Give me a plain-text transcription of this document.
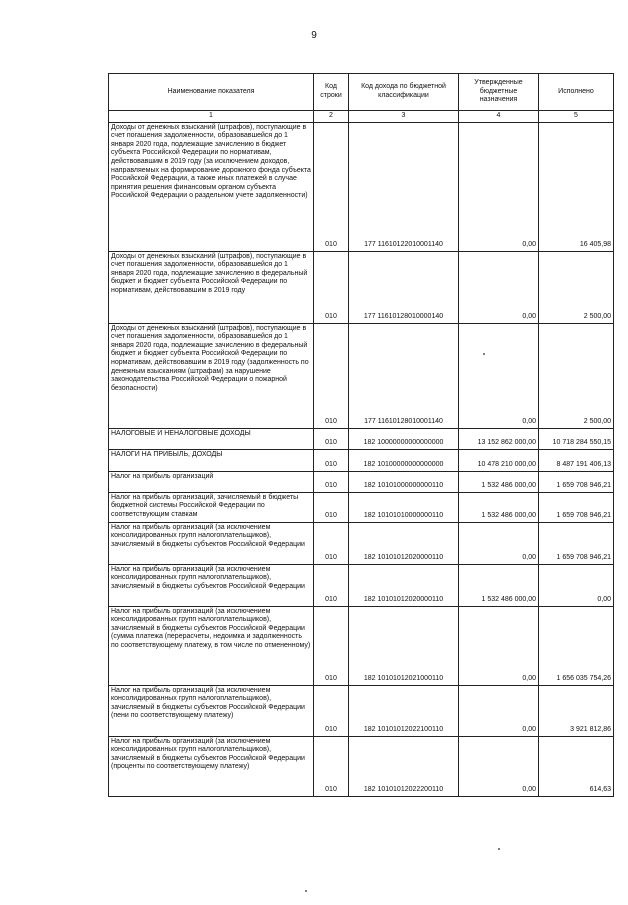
9
Наименование показателя	Код строки	Код дохода по бюджетной классификации	Утвержденные бюджетные назначения	Исполнено
1	2	3	4	5
Доходы от денежных взысканий (штрафов), поступающие в счет погашения задолженности, образовавшейся до 1 января 2020 года, подлежащие зачислению в бюджет субъекта Российской Федерации по нормативам, действовавшим в 2019 году (за исключением доходов, направляемых на формирование дорожного фонда субъекта Российской Федерации, а также иных платежей в случае принятия решения финансовым органом субъекта Российской Федерации о раздельном учете задолженности)	010	177 11610122010001140	0,00	16 405,98
Доходы от денежных взысканий (штрафов), поступающие в счет погашения задолженности, образовавшейся до 1 января 2020 года, подлежащие зачислению в федеральный бюджет и бюджет субъекта Российской Федерации по нормативам, действовавшим в 2019 году	010	177 11610128010000140	0,00	2 500,00
Доходы от денежных взысканий (штрафов), поступающие в счет погашения задолженности, образовавшейся до 1 января 2020 года, подлежащие зачислению в федеральный бюджет и бюджет субъекта Российской Федерации по нормативам, действовавшим в 2019 году (задолженность по денежным взысканиям (штрафам) за нарушение законодательства Российской Федерации о пожарной безопасности)	010	177 11610128010001140	0,00	2 500,00
НАЛОГОВЫЕ И НЕНАЛОГОВЫЕ ДОХОДЫ	010	182 10000000000000000	13 152 862 000,00	10 718 284 550,15
НАЛОГИ НА ПРИБЫЛЬ, ДОХОДЫ	010	182 10100000000000000	10 478 210 000,00	8 487 191 406,13
Налог на прибыль организаций	010	182 10101000000000110	1 532 486 000,00	1 659 708 946,21
Налог на прибыль организаций, зачисляемый в бюджеты бюджетной системы Российской Федерации по соответствующим ставкам	010	182 10101010000000110	1 532 486 000,00	1 659 708 946,21
Налог на прибыль организаций (за исключением консолидированных групп налогоплательщиков), зачисляемый в бюджеты субъектов Российской Федерации	010	182 10101012020000110	0,00	1 659 708 946,21
Налог на прибыль организаций (за исключением консолидированных групп налогоплательщиков), зачисляемый в бюджеты субъектов Российской Федерации	010	182 10101012020000110	1 532 486 000,00	0,00
Налог на прибыль организаций (за исключением консолидированных групп налогоплательщиков), зачисляемый в бюджеты субъектов Российской Федерации (сумма платежа (перерасчеты, недоимка и задолженность по соответствующему платежу, в том числе по отмененному)	010	182 10101012021000110	0,00	1 656 035 754,26
Налог на прибыль организаций (за исключением консолидированных групп налогоплательщиков), зачисляемый в бюджеты субъектов Российской Федерации (пени по соответствующему платежу)	010	182 10101012022100110	0,00	3 921 812,86
Налог на прибыль организаций (за исключением консолидированных групп налогоплательщиков), зачисляемый в бюджеты субъектов Российской Федерации (проценты по соответствующему платежу)	010	182 10101012022200110	0,00	614,63
